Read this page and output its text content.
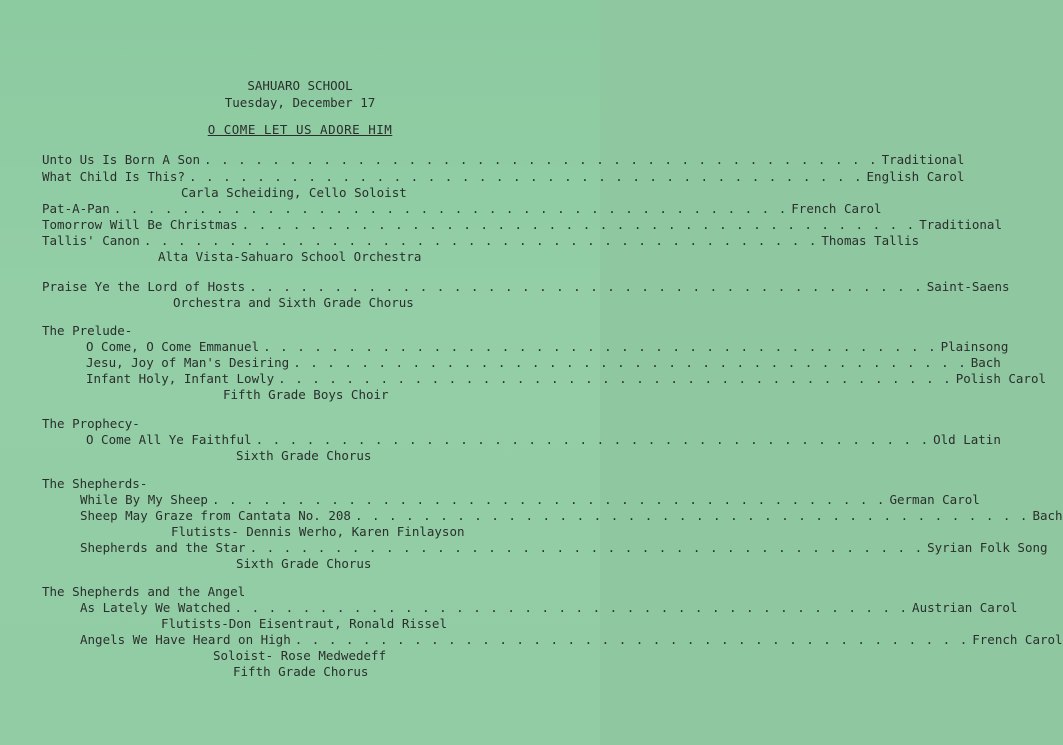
SAHUARO SCHOOL
Tuesday, December 17
O COME LET US ADORE HIM
Unto Us Is Born A Son . . . . . . . . . . . . . . . . . . . . . . . . . . . . . . . . . . . . . . . . Traditional
What Child Is This? . . . . . . . . . . . . . . . . . . . . . . . . . . . . . . . . . . . . . . . . English Carol
Carla Scheiding, Cello Soloist
Pat-A-Pan . . . . . . . . . . . . . . . . . . . . . . . . . . . . . . . . . . . . . . . . French Carol
Tomorrow Will Be Christmas . . . . . . . . . . . . . . . . . . . . . . . . . . . . . . . . . . . . . . . . Traditional
Tallis' Canon . . . . . . . . . . . . . . . . . . . . . . . . . . . . . . . . . . . . . . . . Thomas Tallis
Alta Vista-Sahuaro School Orchestra
Praise Ye the Lord of Hosts . . . . . . . . . . . . . . . . . . . . . . . . . . . . . . . . . . . . . . . . Saint-Saens
Orchestra and Sixth Grade Chorus
The Prelude-
O Come, O Come Emmanuel . . . . . . . . . . . . . . . . . . . . . . . . . . . . . . . . . . . . . . . . Plainsong
Jesu, Joy of Man's Desiring . . . . . . . . . . . . . . . . . . . . . . . . . . . . . . . . . . . . . . . . Bach
Infant Holy, Infant Lowly . . . . . . . . . . . . . . . . . . . . . . . . . . . . . . . . . . . . . . . . Polish Carol
Fifth Grade Boys Choir
The Prophecy-
O Come All Ye Faithful . . . . . . . . . . . . . . . . . . . . . . . . . . . . . . . . . . . . . . . . Old Latin
Sixth Grade Chorus
The Shepherds-
While By My Sheep . . . . . . . . . . . . . . . . . . . . . . . . . . . . . . . . . . . . . . . . German Carol
Sheep May Graze from Cantata No. 208 . . . . . . . . . . . . . . . . . . . . . . . . . . . . . . . . . . . . . . . . Bach
Flutists- Dennis Werho, Karen Finlayson
Shepherds and the Star . . . . . . . . . . . . . . . . . . . . . . . . . . . . . . . . . . . . . . . . Syrian Folk Song
Sixth Grade Chorus
The Shepherds and the Angel
As Lately We Watched . . . . . . . . . . . . . . . . . . . . . . . . . . . . . . . . . . . . . . . . Austrian Carol
Flutists-Don Eisentraut, Ronald Rissel
Angels We Have Heard on High . . . . . . . . . . . . . . . . . . . . . . . . . . . . . . . . . . . . . . . . French Carol
Soloist- Rose Medwedeff
Fifth Grade Chorus
